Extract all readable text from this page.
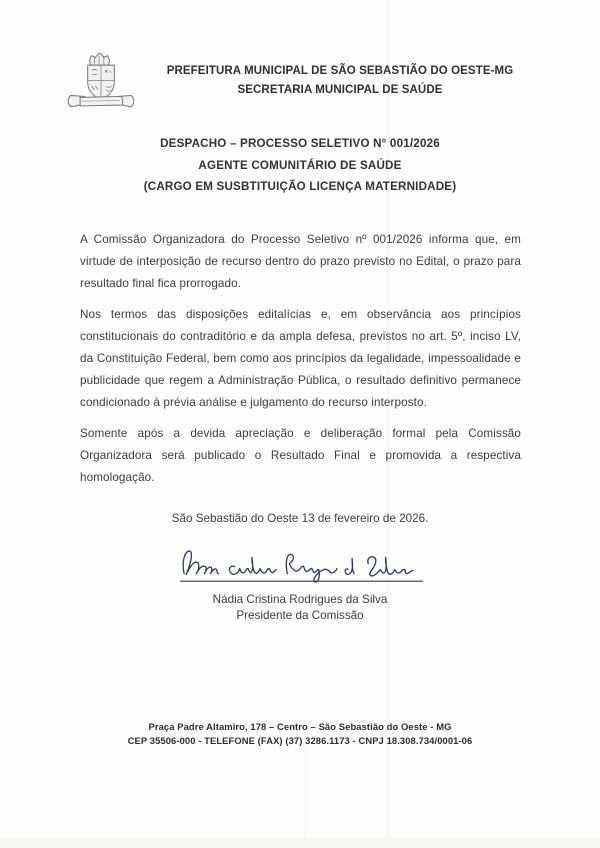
PREFEITURA MUNICIPAL DE SÃO SEBASTIÃO DO OESTE-MG
SECRETARIA MUNICIPAL DE SAÚDE
DESPACHO – PROCESSO SELETIVO N° 001/2026
AGENTE COMUNITÁRIO DE SAÚDE
(CARGO EM SUSBTITUIÇÃO LICENÇA MATERNIDADE)

A Comissão Organizadora do Processo Seletivo nº 001/2026 informa que, em virtude de interposição de recurso dentro do prazo previsto no Edital, o prazo para resultado final fica prorrogado.

Nos termos das disposições editalícias e, em observância aos princípios constitucionais do contraditório e da ampla defesa, previstos no art. 5º, inciso LV, da Constituição Federal, bem como aos princípios da legalidade, impessoalidade e publicidade que regem a Administração Pública, o resultado definitivo permanece condicionado à prévia análise e julgamento do recurso interposto.

Somente após a devida apreciação e deliberação formal pela Comissão Organizadora será publicado o Resultado Final e promovida a respectiva homologação.

São Sebastião do Oeste 13 de fevereiro de 2026.
Nádia Cristina Rodrigues da Silva
Presidente da Comissão
Praça Padre Altamiro, 178 – Centro – São Sebastião do Oeste - MG
CEP 35506-000 - TELEFONE (FAX) (37) 3286.1173 - CNPJ 18.308.734/0001-06
